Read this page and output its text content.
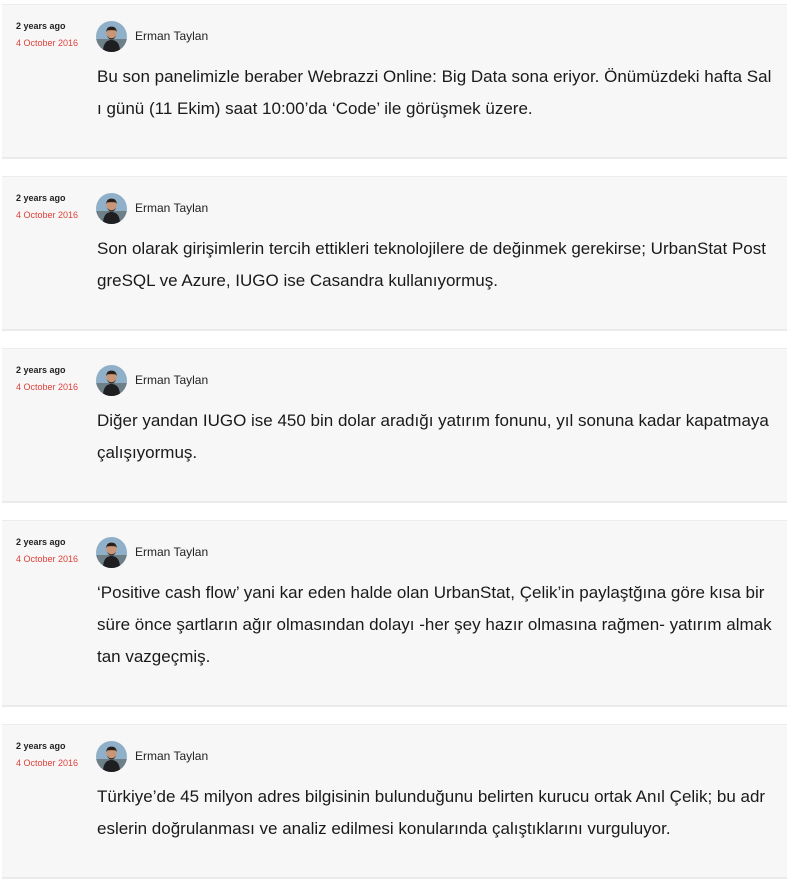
2 years ago
4 October 2016	Erman Taylan

Bu son panelimizle beraber Webrazzi Online: Big Data sona eriyor. Önümüzdeki hafta Salı günü (11 Ekim) saat 10:00’da ‘Code’ ile görüşmek üzere.

2 years ago
4 October 2016	Erman Taylan

Son olarak girişimlerin tercih ettikleri teknolojilere de değinmek gerekirse; UrbanStat PostgreSQL ve Azure, IUGO ise Casandra kullanıyormuş.

2 years ago
4 October 2016	Erman Taylan

Diğer yandan IUGO ise 450 bin dolar aradığı yatırım fonunu, yıl sonuna kadar kapatmaya çalışıyormuş.

2 years ago
4 October 2016	Erman Taylan

‘Positive cash flow’ yani kar eden halde olan UrbanStat, Çelik’in paylaştğına göre kısa bir süre önce şartların ağır olmasından dolayı -her şey hazır olmasına rağmen- yatırım almaktan vazgeçmiş.

2 years ago
4 October 2016	Erman Taylan

Türkiye’de 45 milyon adres bilgisinin bulunduğunu belirten kurucu ortak Anıl Çelik; bu adreslerin doğrulanması ve analiz edilmesi konularında çalıştıklarını vurguluyor.
